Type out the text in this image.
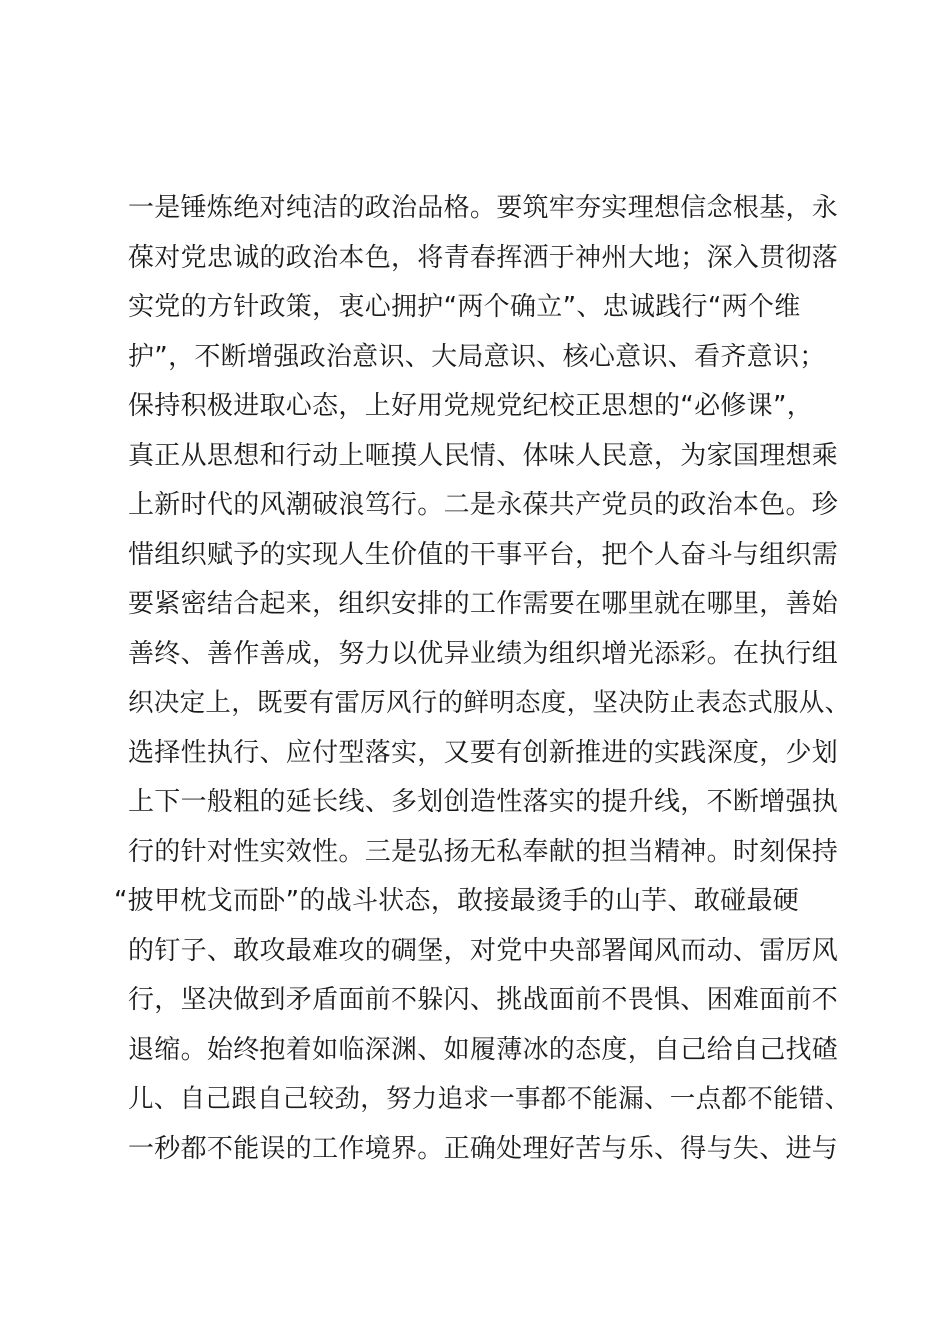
一是锤炼绝对纯洁的政治品格。要筑牢夯实理想信念根基，永
葆对党忠诚的政治本色，将青春挥洒于神州大地；深入贯彻落
实党的方针政策，衷心拥护“两个确立”、忠诚践行“两个维
护”，不断增强政治意识、大局意识、核心意识、看齐意识；
保持积极进取心态，上好用党规党纪校正思想的“必修课”，
真正从思想和行动上咂摸人民情、体味人民意，为家国理想乘
上新时代的风潮破浪笃行。二是永葆共产党员的政治本色。珍
惜组织赋予的实现人生价值的干事平台，把个人奋斗与组织需
要紧密结合起来，组织安排的工作需要在哪里就在哪里，善始
善终、善作善成，努力以优异业绩为组织增光添彩。在执行组
织决定上，既要有雷厉风行的鲜明态度，坚决防止表态式服从、
选择性执行、应付型落实，又要有创新推进的实践深度，少划
上下一般粗的延长线、多划创造性落实的提升线，不断增强执
行的针对性实效性。三是弘扬无私奉献的担当精神。时刻保持
“披甲枕戈而卧”的战斗状态，敢接最烫手的山芋、敢碰最硬
的钉子、敢攻最难攻的碉堡，对党中央部署闻风而动、雷厉风
行，坚决做到矛盾面前不躲闪、挑战面前不畏惧、困难面前不
退缩。始终抱着如临深渊、如履薄冰的态度，自己给自己找碴
儿、自己跟自己较劲，努力追求一事都不能漏、一点都不能错、
一秒都不能误的工作境界。正确处理好苦与乐、得与失、进与
